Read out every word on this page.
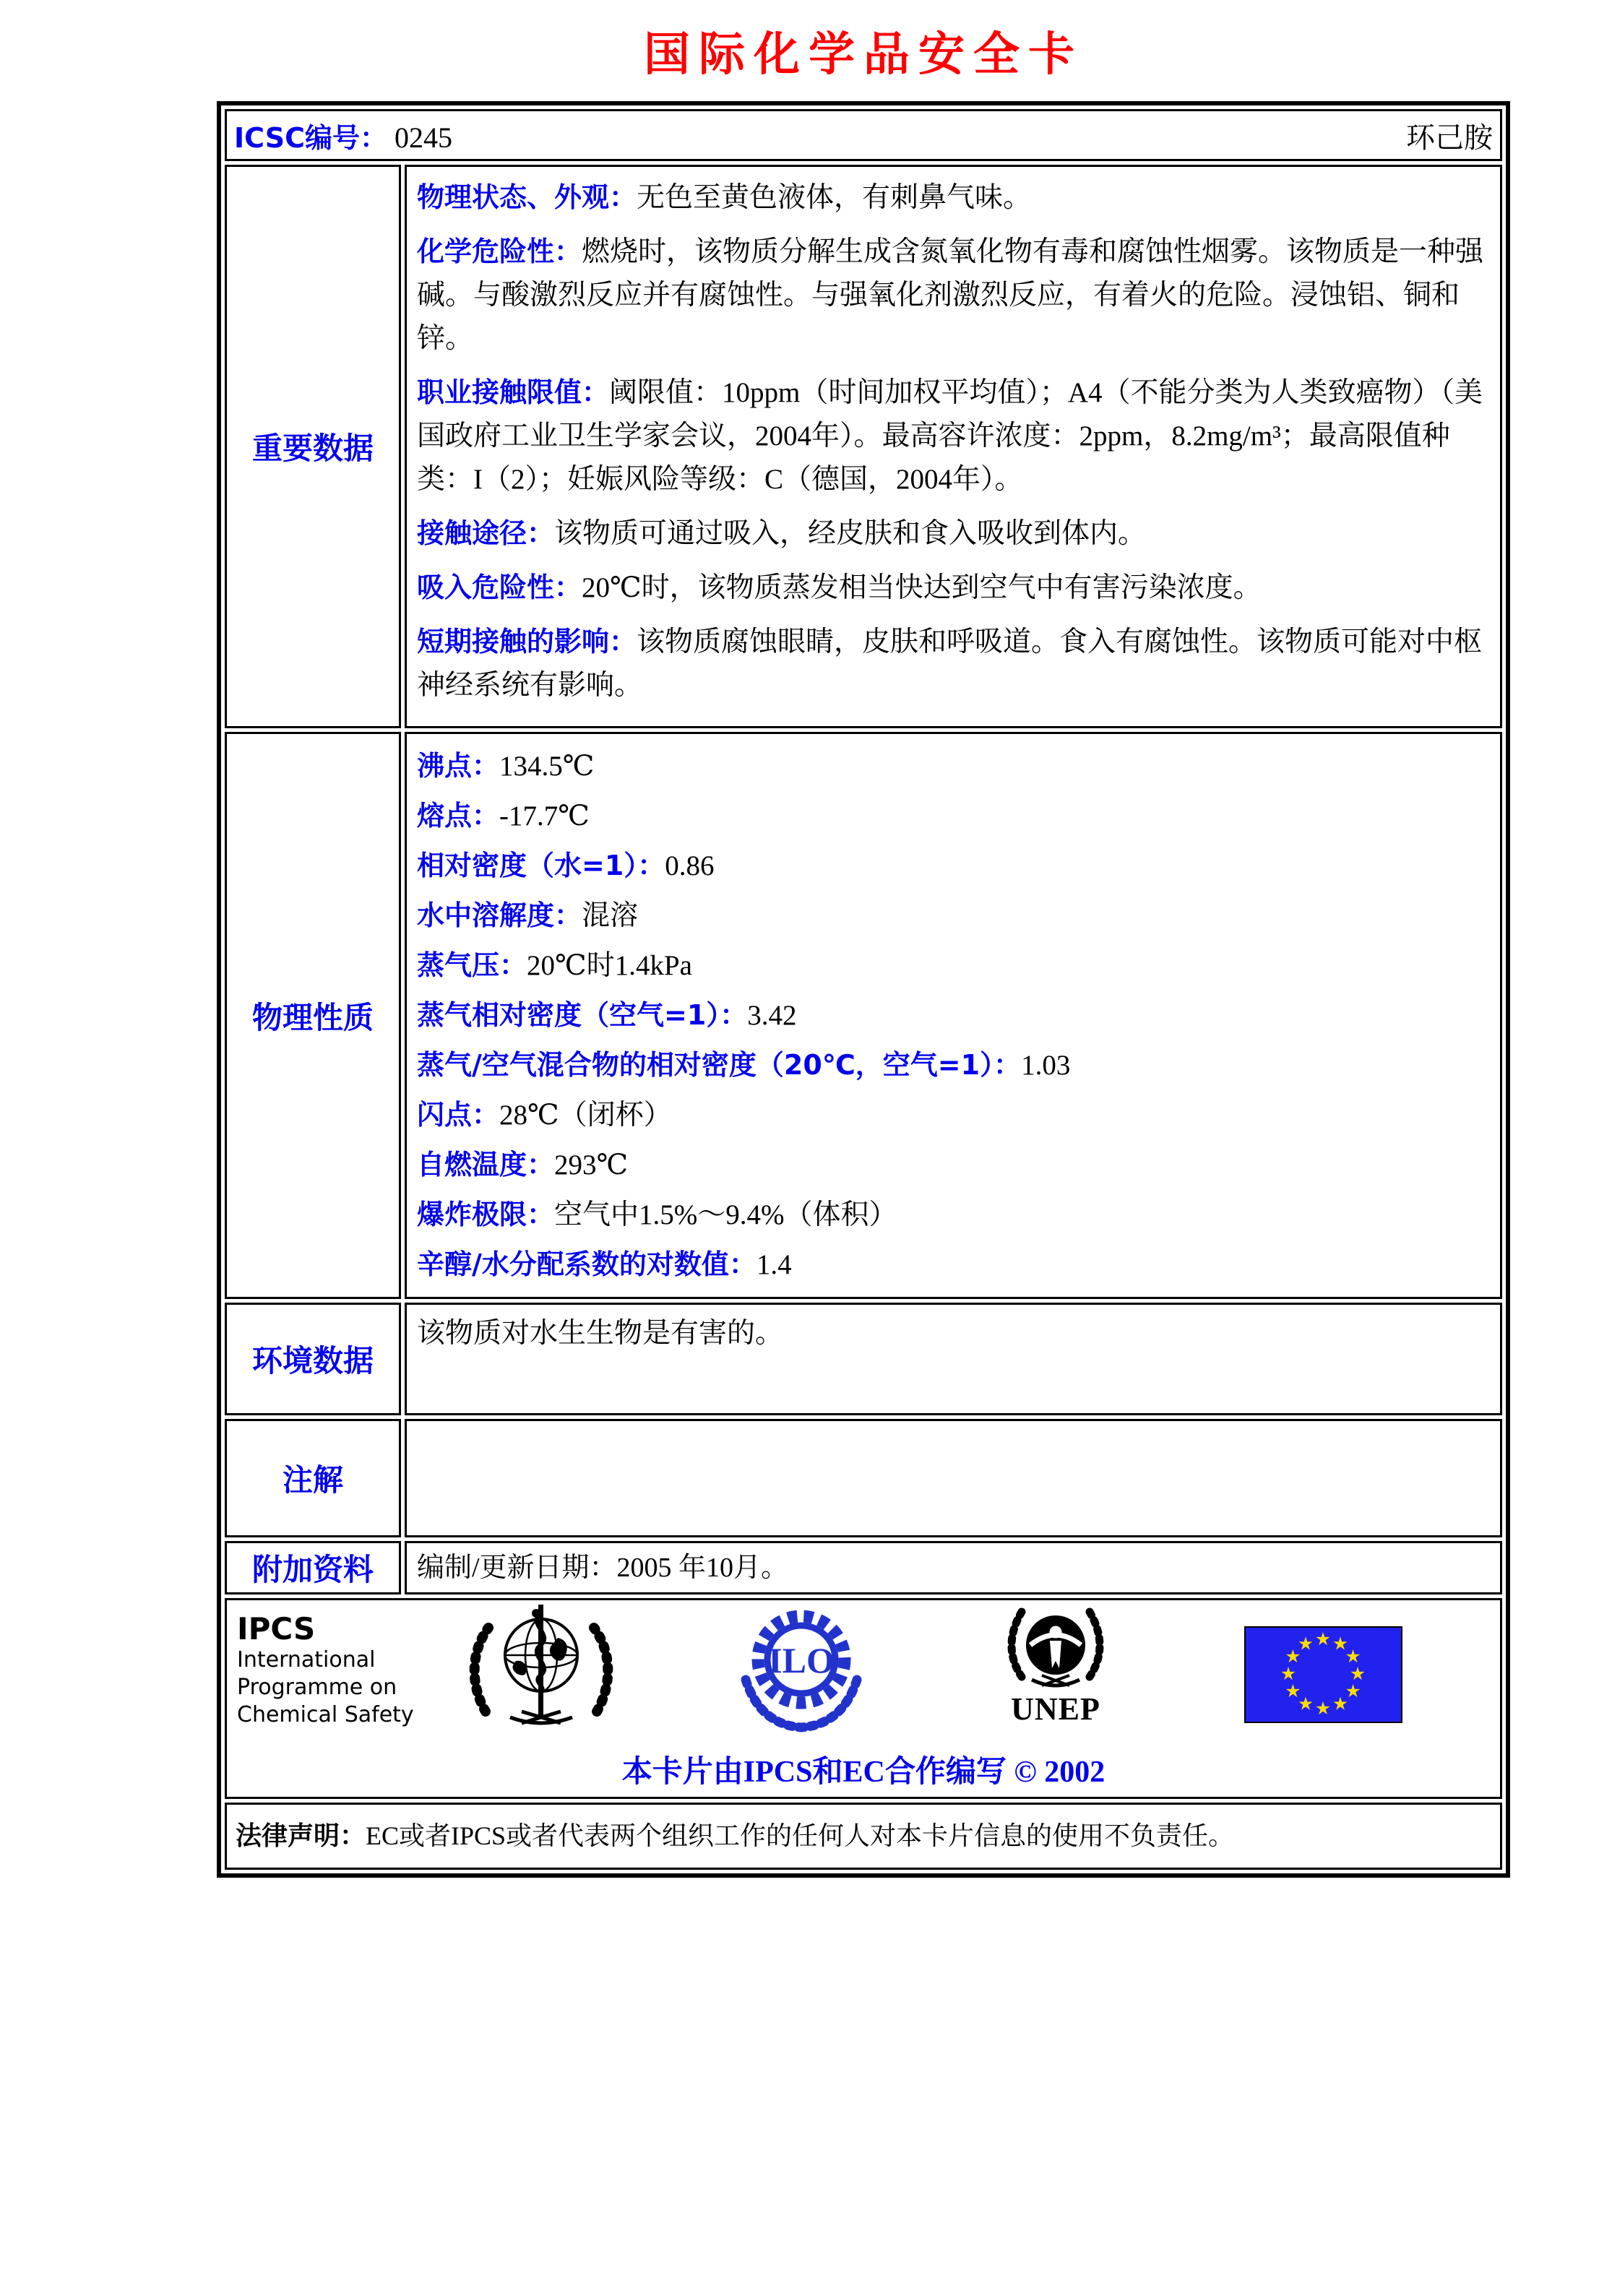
国际化学品安全卡
ICSC编号： 0245 环己胺	

重要数据	

物理状态、外观：无色至黄色液体，有刺鼻气味。

化学危险性：燃烧时，该物质分解生成含氮氧化物有毒和腐蚀性烟雾。该物质是一种强碱。与酸激烈反应并有腐蚀性。与强氧化剂激烈反应，有着火的危险。浸蚀铝、铜和锌。

职业接触限值：阈限值：10ppm（时间加权平均值）；A4（不能分类为人类致癌物）（美国政府工业卫生学家会议，2004年）。最高容许浓度：2ppm，8.2mg/m³；最高限值种类：I（2）；妊娠风险等级：C（德国，2004年）。

接触途径：该物质可通过吸入，经皮肤和食入吸收到体内。

吸入危险性：20℃时，该物质蒸发相当快达到空气中有害污染浓度。

短期接触的影响：该物质腐蚀眼睛，皮肤和呼吸道。食入有腐蚀性。该物质可能对中枢神经系统有影响。

物理性质	
沸点：134.5℃
熔点：-17.7℃
相对密度（水=1）：0.86
水中溶解度：混溶
蒸气压：20℃时1.4kPa
蒸气相对密度（空气=1）：3.42
蒸气/空气混合物的相对密度（20℃，空气=1）：1.03
闪点：28℃（闭杯）
自燃温度：293℃
爆炸极限：空气中1.5%～9.4%（体积）
辛醇/水分配系数的对数值：1.4

环境数据	该物质对水生生物是有害的。

注解	

附加资料	编制/更新日期：2005 年10月。

IPCS
International
Programme on
Chemical Safety
ILO
UNEP
本卡片由IPCS和EC合作编写 © 2002

法律声明：EC或者IPCS或者代表两个组织工作的任何人对本卡片信息的使用不负责任。	
